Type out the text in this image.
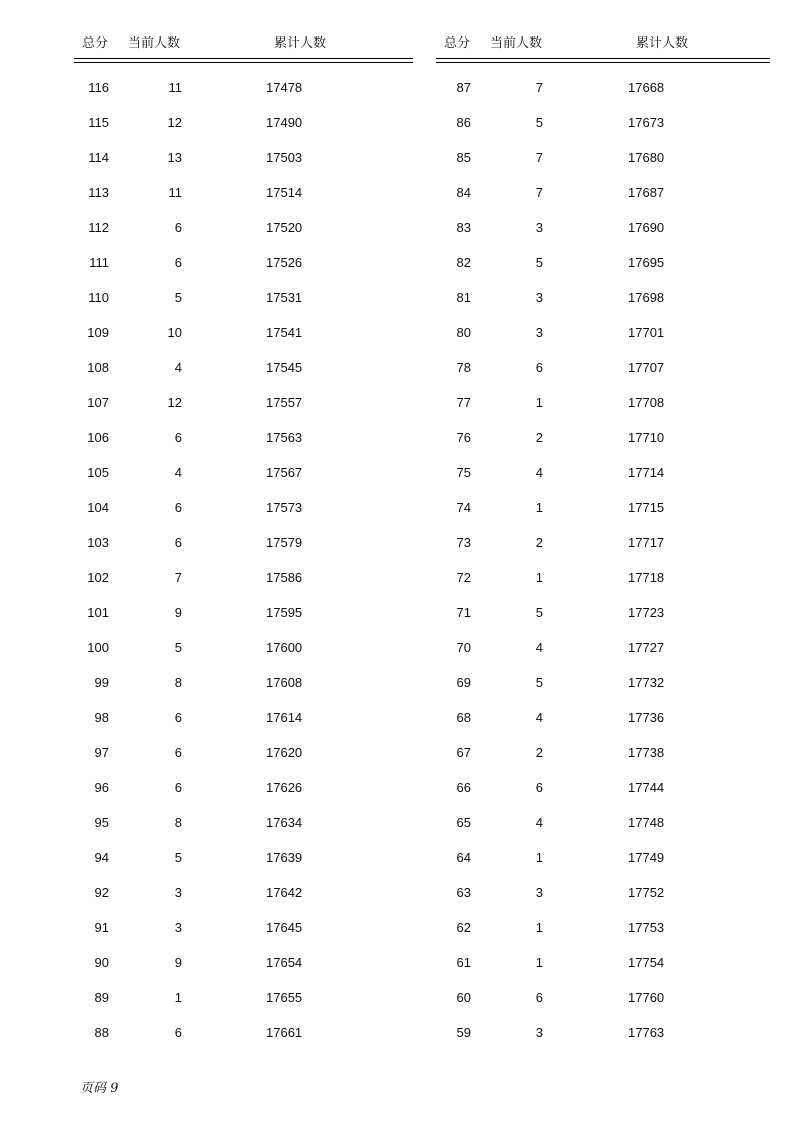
总分 当前人数	累计人数
116	11	17478
115	12	17490
114	13	17503
113	11	17514
112	6	17520
111	6	17526
110	5	17531
109	10	17541
108	4	17545
107	12	17557
106	6	17563
105	4	17567
104	6	17573
103	6	17579
102	7	17586
101	9	17595
100	5	17600
99	8	17608
98	6	17614
97	6	17620
96	6	17626
95	8	17634
94	5	17639
92	3	17642
91	3	17645
90	9	17654
89	1	17655
88	6	17661
总分 当前人数	累计人数
87	7	17668
86	5	17673
85	7	17680
84	7	17687
83	3	17690
82	5	17695
81	3	17698
80	3	17701
78	6	17707
77	1	17708
76	2	17710
75	4	17714
74	1	17715
73	2	17717
72	1	17718
71	5	17723
70	4	17727
69	5	17732
68	4	17736
67	2	17738
66	6	17744
65	4	17748
64	1	17749
63	3	17752
62	1	17753
61	1	17754
60	6	17760
59	3	17763
页码 9
